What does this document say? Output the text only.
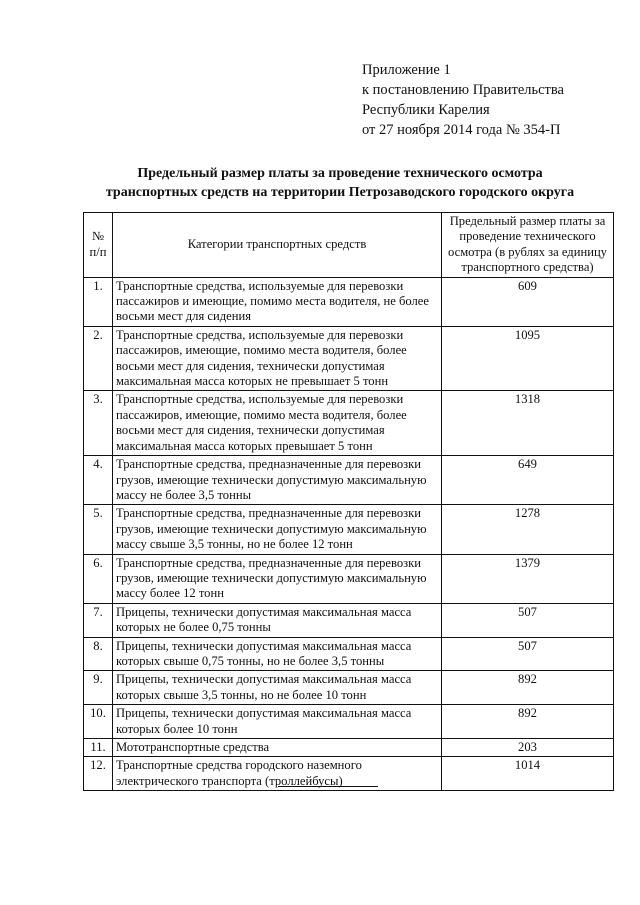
Приложение 1
к постановлению Правительства
Республики Карелия
от 27 ноября 2014 года № 354-П
Предельный размер платы за проведение технического осмотра
транспортных средств на территории Петрозаводского городского округа
№ п/п	Категории транспортных средств	Предельный размер платы за проведение технического осмотра (в рублях за единицу транспортного средства)
1.	Транспортные средства, используемые для перевозки пассажиров и имеющие, помимо места водителя, не более восьми мест для сидения	609
2.	Транспортные средства, используемые для перевозки пассажиров, имеющие, помимо места водителя, более восьми мест для сидения, технически допустимая максимальная масса которых не превышает 5 тонн	1095
3.	Транспортные средства, используемые для перевозки пассажиров, имеющие, помимо места водителя, более восьми мест для сидения, технически допустимая максимальная масса которых превышает 5 тонн	1318
4.	Транспортные средства, предназначенные для перевозки грузов, имеющие технически допустимую максимальную массу не более 3,5 тонны	649
5.	Транспортные средства, предназначенные для перевозки грузов, имеющие технически допустимую максимальную массу свыше 3,5 тонны, но не более 12 тонн	1278
6.	Транспортные средства, предназначенные для перевозки грузов, имеющие технически допустимую максимальную массу более 12 тонн	1379
7.	Прицепы, технически допустимая максимальная масса которых не более 0,75 тонны	507
8.	Прицепы, технически допустимая максимальная масса которых свыше 0,75 тонны, но не более 3,5 тонны	507
9.	Прицепы, технически допустимая максимальная масса которых свыше 3,5 тонны, но не более 10 тонн	892
10.	Прицепы, технически допустимая максимальная масса которых более 10 тонн	892
11.	Мототранспортные средства	203
12.	Транспортные средства городского наземного электрического транспорта (троллейбусы)	1014
